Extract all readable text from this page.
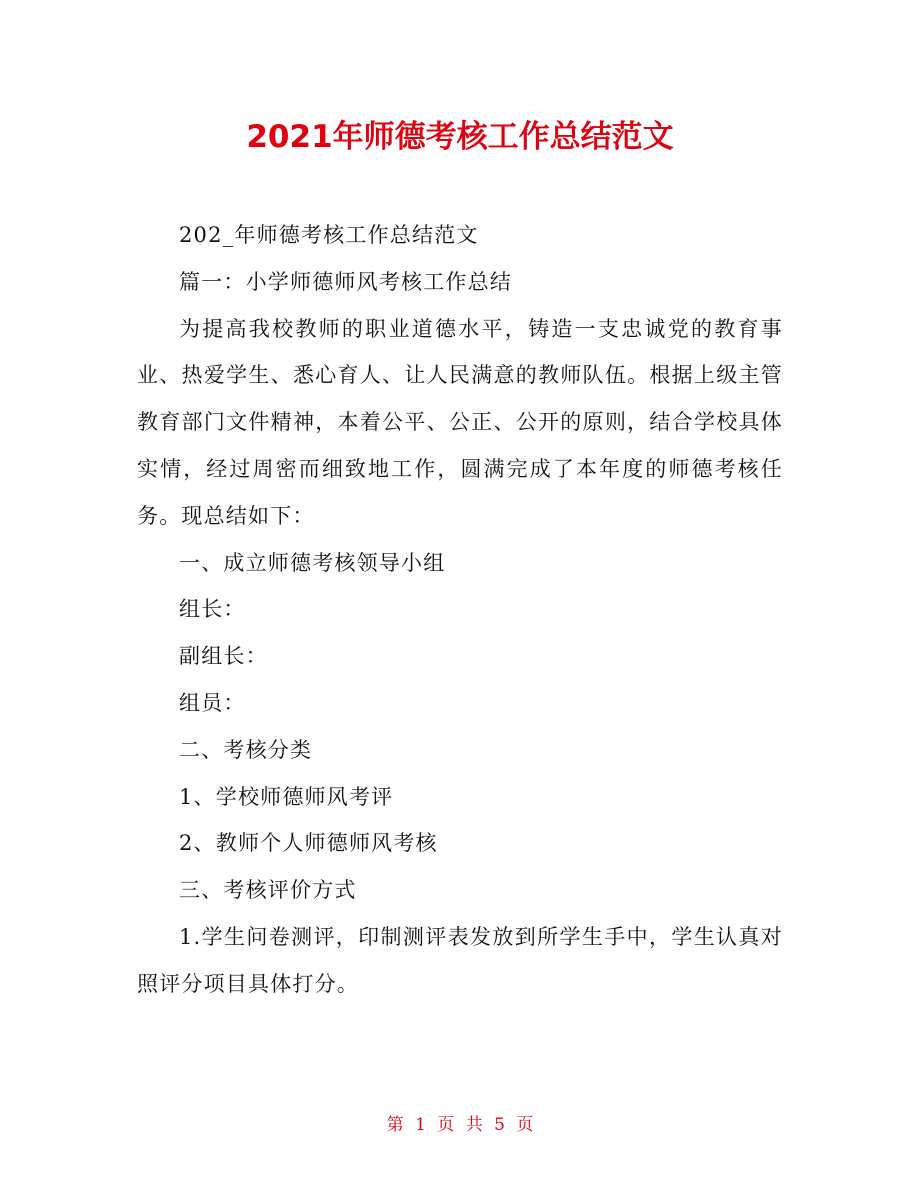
2021年师德考核工作总结范文

202_年师德考核工作总结范文

篇一：小学师德师风考核工作总结

为提高我校教师的职业道德水平，铸造一支忠诚党的教育事业、热爱学生、悉心育人、让人民满意的教师队伍。根据上级主管教育部门文件精神，本着公平、公正、公开的原则，结合学校具体实情，经过周密而细致地工作，圆满完成了本年度的师德考核任务。现总结如下：

一、成立师德考核领导小组

组长：

副组长：

组员：

二、考核分类

1、学校师德师风考评

2、教师个人师德师风考核

三、考核评价方式

1.学生问卷测评，印制测评表发放到所学生手中，学生认真对照评分项目具体打分。

第 1 页 共 5 页
